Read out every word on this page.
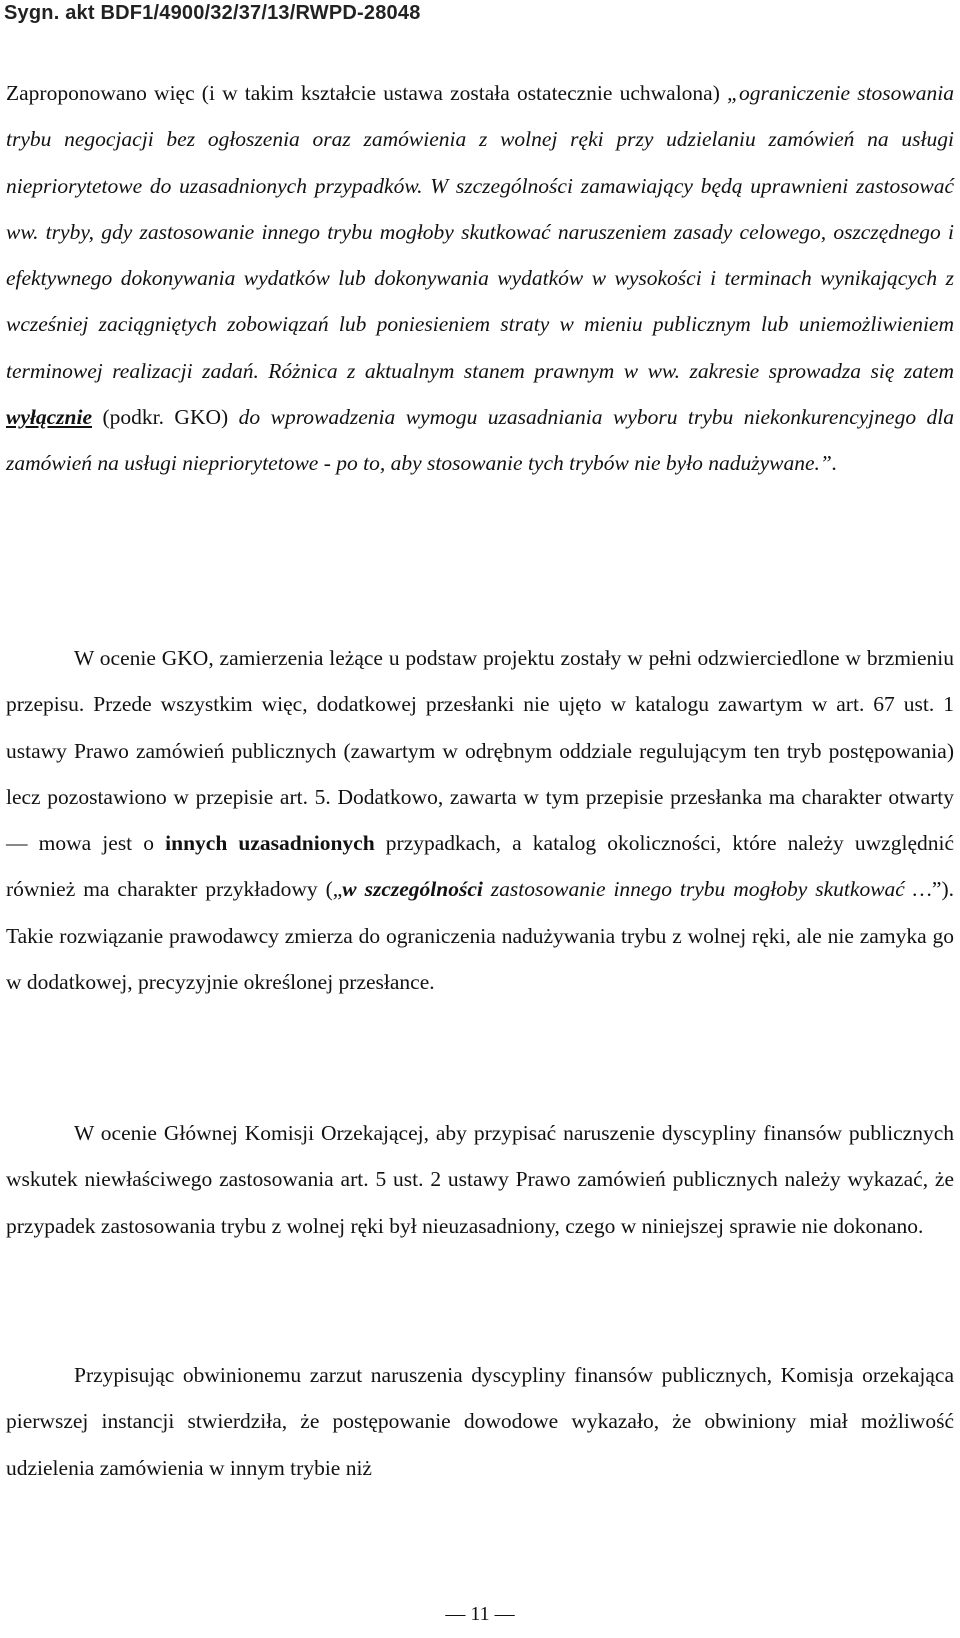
Sygn. akt BDF1/4900/32/37/13/RWPD-28048

Zaproponowano więc (i w takim kształcie ustawa została ostatecznie uchwalona) „ograniczenie stosowania trybu negocjacji bez ogłoszenia oraz zamówienia z wolnej ręki przy udzielaniu zamówień na usługi niepriorytetowe do uzasadnionych przypadków. W szczególności zamawiający będą uprawnieni zastosować ww. tryby, gdy zastosowanie innego trybu mogłoby skutkować naruszeniem zasady celowego, oszczędnego i efektywnego dokonywania wydatków lub dokonywania wydatków w wysokości i terminach wynikających z wcześniej zaciągniętych zobowiązań lub poniesieniem straty w mieniu publicznym lub uniemożliwieniem terminowej realizacji zadań. Różnica z aktualnym stanem prawnym w ww. zakresie sprowadza się zatem wyłącznie (podkr. GKO) do wprowadzenia wymogu uzasadniania wyboru trybu niekonkurencyjnego dla zamówień na usługi niepriorytetowe - po to, aby stosowanie tych trybów nie było nadużywane.”.

W ocenie GKO, zamierzenia leżące u podstaw projektu zostały w pełni odzwierciedlone w brzmieniu przepisu. Przede wszystkim więc, dodatkowej przesłanki nie ujęto w katalogu zawartym w art. 67 ust. 1 ustawy Prawo zamówień publicznych (zawartym w odrębnym oddziale regulującym ten tryb postępowania) lecz pozostawiono w przepisie art. 5. Dodatkowo, zawarta w tym przepisie przesłanka ma charakter otwarty — mowa jest o innych uzasadnionych przypadkach, a katalog okoliczności, które należy uwzględnić również ma charakter przykładowy („w szczególności zastosowanie innego trybu mogłoby skutkować …”). Takie rozwiązanie prawodawcy zmierza do ograniczenia nadużywania trybu z wolnej ręki, ale nie zamyka go w dodatkowej, precyzyjnie określonej przesłance.

W ocenie Głównej Komisji Orzekającej, aby przypisać naruszenie dyscypliny finansów publicznych wskutek niewłaściwego zastosowania art. 5 ust. 2 ustawy Prawo zamówień publicznych należy wykazać, że przypadek zastosowania trybu z wolnej ręki był nieuzasadniony, czego w niniejszej sprawie nie dokonano.

Przypisując obwinionemu zarzut naruszenia dyscypliny finansów publicznych, Komisja orzekająca pierwszej instancji stwierdziła, że postępowanie dowodowe wykazało, że obwiniony miał możliwość udzielenia zamówienia w innym trybie niż

— 11 —
